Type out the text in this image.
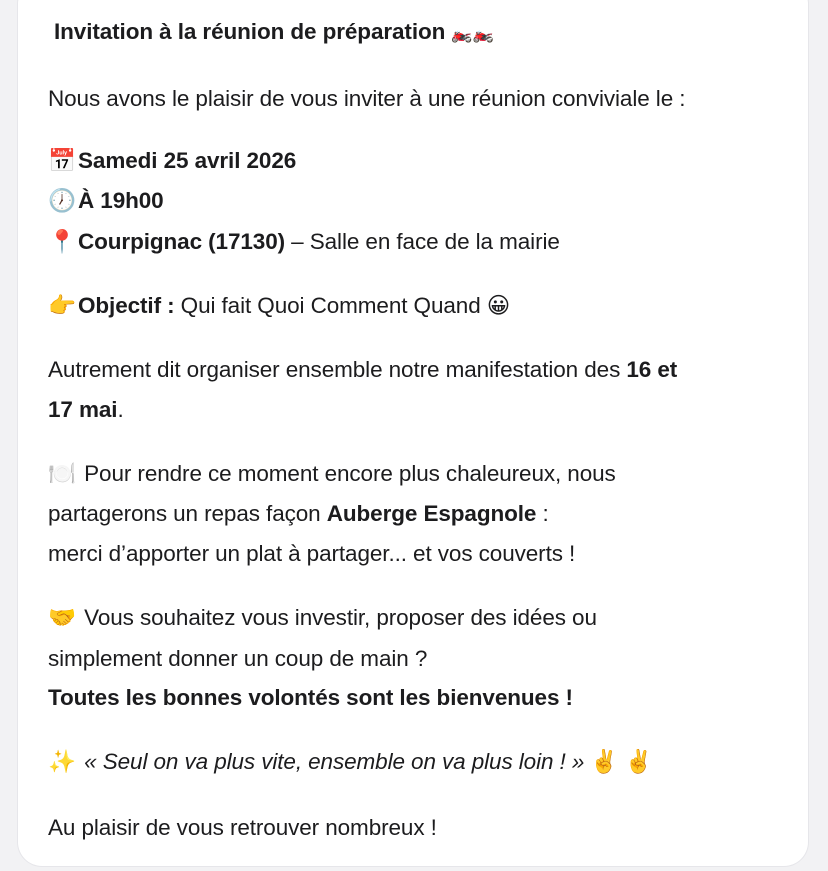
Invitation à la réunion de préparation 🏍️🏍️
Nous avons le plaisir de vous inviter à une réunion conviviale le :
📅Samedi 25 avril 2026
🕖À 19h00
📍Courpignac (17130) – Salle en face de la mairie
👉Objectif : Qui fait Quoi Comment Quand 😀
Autrement dit organiser ensemble notre manifestation des 16 et
17 mai.
🍽️ Pour rendre ce moment encore plus chaleureux, nous
partagerons un repas façon Auberge Espagnole :
merci d’apporter un plat à partager... et vos couverts !
🤝 Vous souhaitez vous investir, proposer des idées ou
simplement donner un coup de main ?
Toutes les bonnes volontés sont les bienvenues !
✨ « Seul on va plus vite, ensemble on va plus loin ! » ✌️ ✌️
Au plaisir de vous retrouver nombreux !
